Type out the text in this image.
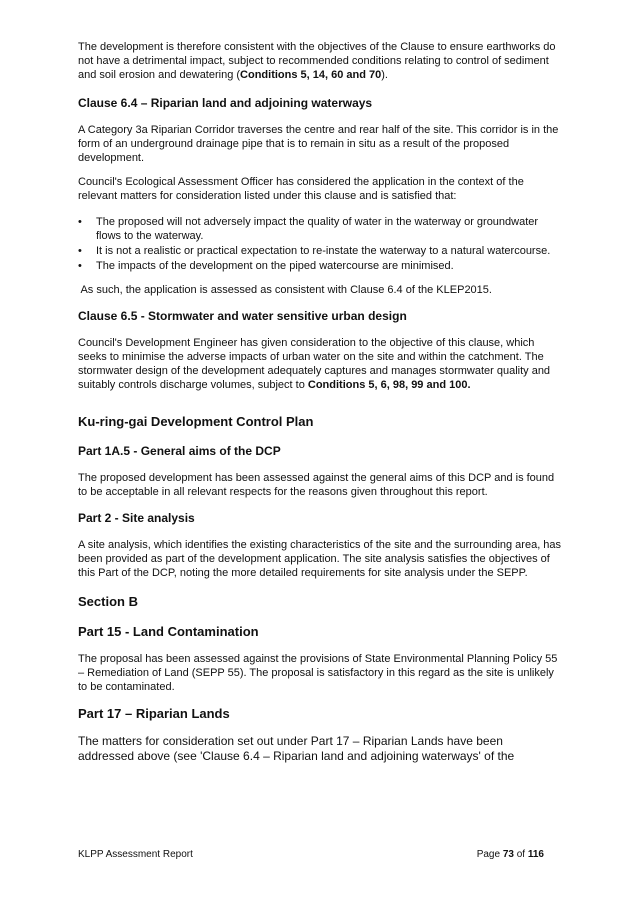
The development is therefore consistent with the objectives of the Clause to ensure earthworks do not have a detrimental impact, subject to recommended conditions relating to control of sediment and soil erosion and dewatering (Conditions 5, 14, 60 and 70).

Clause 6.4 – Riparian land and adjoining waterways

A Category 3a Riparian Corridor traverses the centre and rear half of the site. This corridor is in the form of an underground drainage pipe that is to remain in situ as a result of the proposed development.

Council's Ecological Assessment Officer has considered the application in the context of the relevant matters for consideration listed under this clause and is satisfied that:

• The proposed will not adversely impact the quality of water in the waterway or groundwater flows to the waterway.
• It is not a realistic or practical expectation to re-instate the waterway to a natural watercourse.
• The impacts of the development on the piped watercourse are minimised.

As such, the application is assessed as consistent with Clause 6.4 of the KLEP2015.

Clause 6.5 - Stormwater and water sensitive urban design

Council's Development Engineer has given consideration to the objective of this clause, which seeks to minimise the adverse impacts of urban water on the site and within the catchment. The stormwater design of the development adequately captures and manages stormwater quality and suitably controls discharge volumes, subject to Conditions 5, 6, 98, 99 and 100.

Ku-ring-gai Development Control Plan
Part 1A.5 - General aims of the DCP

The proposed development has been assessed against the general aims of this DCP and is found to be acceptable in all relevant respects for the reasons given throughout this report.

Part 2 - Site analysis

A site analysis, which identifies the existing characteristics of the site and the surrounding area, has been provided as part of the development application. The site analysis satisfies the objectives of this Part of the DCP, noting the more detailed requirements for site analysis under the SEPP.

Section B
Part 15 - Land Contamination

The proposal has been assessed against the provisions of State Environmental Planning Policy 55 – Remediation of Land (SEPP 55). The proposal is satisfactory in this regard as the site is unlikely to be contaminated.

Part 17 – Riparian Lands

The matters for consideration set out under Part 17 – Riparian Lands have been addressed above (see 'Clause 6.4 – Riparian land and adjoining waterways' of the

KLPP Assessment Report	Page 73 of 116
